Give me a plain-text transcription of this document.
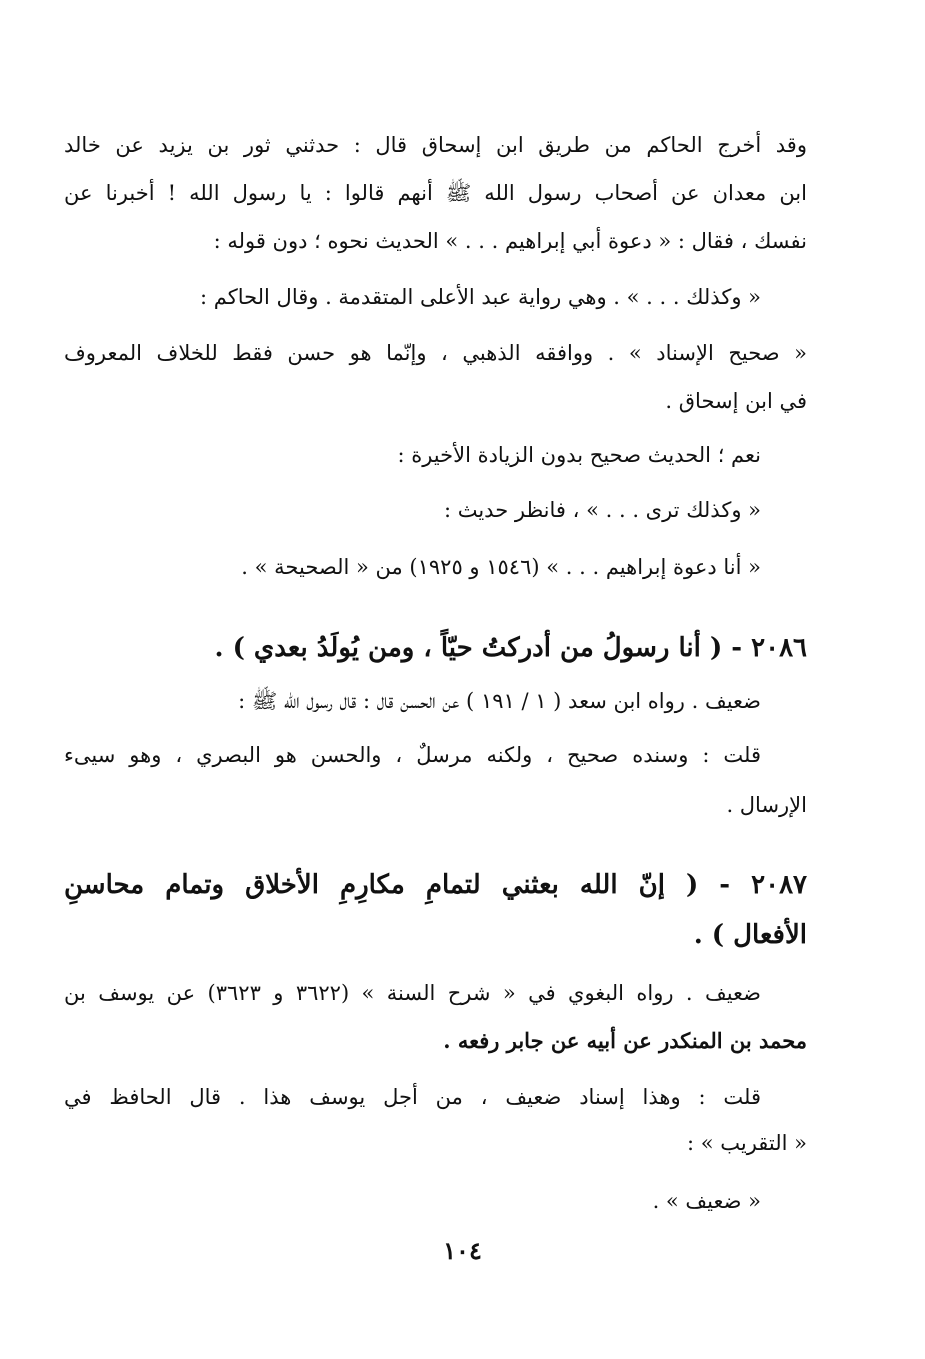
وقد أخرج الحاكم من طريق ابن إسحاق قال : حدثني ثور بن يزيد عن خالد
ابن معدان عن أصحاب رسول الله ﷺ أنهم قالوا : يا رسول الله ! أخبرنا عن
نفسك ، فقال : « دعوة أبي إبراهيم . . . » الحديث نحوه ؛ دون قوله :
« وكذلك . . . » . وهي رواية عبد الأعلى المتقدمة . وقال الحاكم :
« صحيح الإسناد » . ووافقه الذهبي ، وإنّما هو حسن فقط للخلاف المعروف
في ابن إسحاق .
نعم ؛ الحديث صحيح بدون الزيادة الأخيرة :
« وكذلك ترى . . . » ، فانظر حديث :
« أنا دعوة إبراهيم . . . » (١٥٤٦ و ١٩٢٥) من « الصحيحة » .
٢٠٨٦ - ( أنا رسولُ من أدركتُ حيّاً ، ومن يُولَدُ بعدي ) .
ضعيف . رواه ابن سعد ( ١ / ١٩١ ) عن الحسن قال : قال رسول الله ﷺ :
قلت : وسنده صحيح ، ولكنه مرسلٌ ، والحسن هو البصري ، وهو سيىء
الإرسال .
٢٠٨٧ - ( إنّ الله بعثني لتمامِ مكارِمِ الأخلاق وتمام محاسنِ
الأفعال ) .
ضعيف . رواه البغوي في « شرح السنة » (٣٦٢٢ و ٣٦٢٣) عن يوسف بن
محمد بن المنكدر عن أبيه عن جابر رفعه .
قلت : وهذا إسناد ضعيف ، من أجل يوسف هذا . قال الحافظ في
« التقريب » :
« ضعيف » .
١٠٤
